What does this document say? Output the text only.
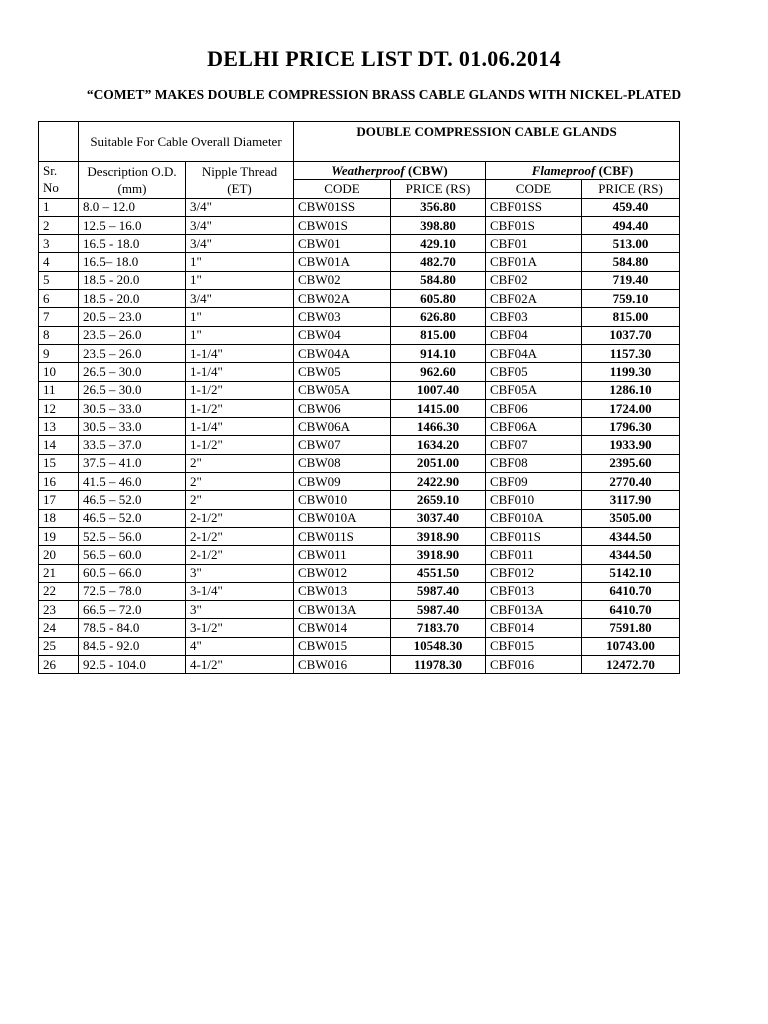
DELHI PRICE LIST DT. 01.06.2014
“COMET” MAKES DOUBLE COMPRESSION BRASS CABLE GLANDS WITH NICKEL-PLATED
	Suitable For Cable Overall Diameter		DOUBLE COMPRESSION CABLE GLANDS			
Sr. No	Description O.D.(mm)	Nipple Thread (ET)	Weatherproof (CBW)		Flameproof (CBF)	
			CODE	PRICE (RS)	CODE	PRICE (RS)
1	8.0 – 12.0	3/4"	CBW01SS	356.80	CBF01SS	459.40
2	12.5 – 16.0	3/4"	CBW01S	398.80	CBF01S	494.40
3	16.5 - 18.0	3/4"	CBW01	429.10	CBF01	513.00
4	16.5– 18.0	1"	CBW01A	482.70	CBF01A	584.80
5	18.5 - 20.0	1"	CBW02	584.80	CBF02	719.40
6	18.5 - 20.0	3/4"	CBW02A	605.80	CBF02A	759.10
7	20.5 – 23.0	1"	CBW03	626.80	CBF03	815.00
8	23.5 – 26.0	1"	CBW04	815.00	CBF04	1037.70
9	23.5 – 26.0	1-1/4"	CBW04A	914.10	CBF04A	1157.30
10	26.5 – 30.0	1-1/4"	CBW05	962.60	CBF05	1199.30
11	26.5 – 30.0	1-1/2"	CBW05A	1007.40	CBF05A	1286.10
12	30.5 – 33.0	1-1/2"	CBW06	1415.00	CBF06	1724.00
13	30.5 – 33.0	1-1/4"	CBW06A	1466.30	CBF06A	1796.30
14	33.5 – 37.0	1-1/2"	CBW07	1634.20	CBF07	1933.90
15	37.5 – 41.0	2"	CBW08	2051.00	CBF08	2395.60
16	41.5 – 46.0	2"	CBW09	2422.90	CBF09	2770.40
17	46.5 – 52.0	2"	CBW010	2659.10	CBF010	3117.90
18	46.5 – 52.0	2-1/2"	CBW010A	3037.40	CBF010A	3505.00
19	52.5 – 56.0	2-1/2"	CBW011S	3918.90	CBF011S	4344.50
20	56.5 – 60.0	2-1/2"	CBW011	3918.90	CBF011	4344.50
21	60.5 – 66.0	3"	CBW012	4551.50	CBF012	5142.10
22	72.5 – 78.0	3-1/4"	CBW013	5987.40	CBF013	6410.70
23	66.5 – 72.0	3"	CBW013A	5987.40	CBF013A	6410.70
24	78.5 - 84.0	3-1/2"	CBW014	7183.70	CBF014	7591.80
25	84.5 - 92.0	4"	CBW015	10548.30	CBF015	10743.00
26	92.5 - 104.0	4-1/2"	CBW016	11978.30	CBF016	12472.70
